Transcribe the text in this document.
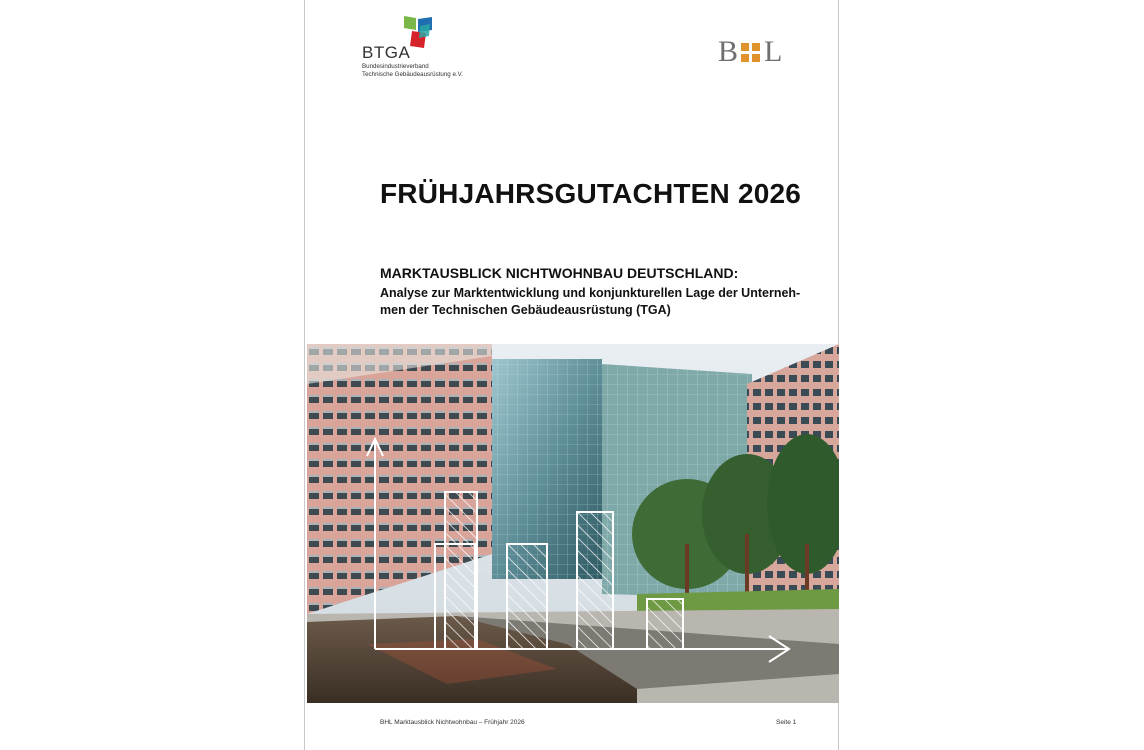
BTGA
Bundesindustrieverband
Technische Gebäudeausrüstung e.V.
B L
FRÜHJAHRSGUTACHTEN 2026
MARKTAUSBLICK NICHTWOHNBAU DEUTSCHLAND:
Analyse zur Marktentwicklung und konjunkturellen Lage der Unterneh-
men der Technischen Gebäudeausrüstung (TGA)
BHL Marktausblick Nichtwohnbau – Frühjahr 2026	Seite 1
